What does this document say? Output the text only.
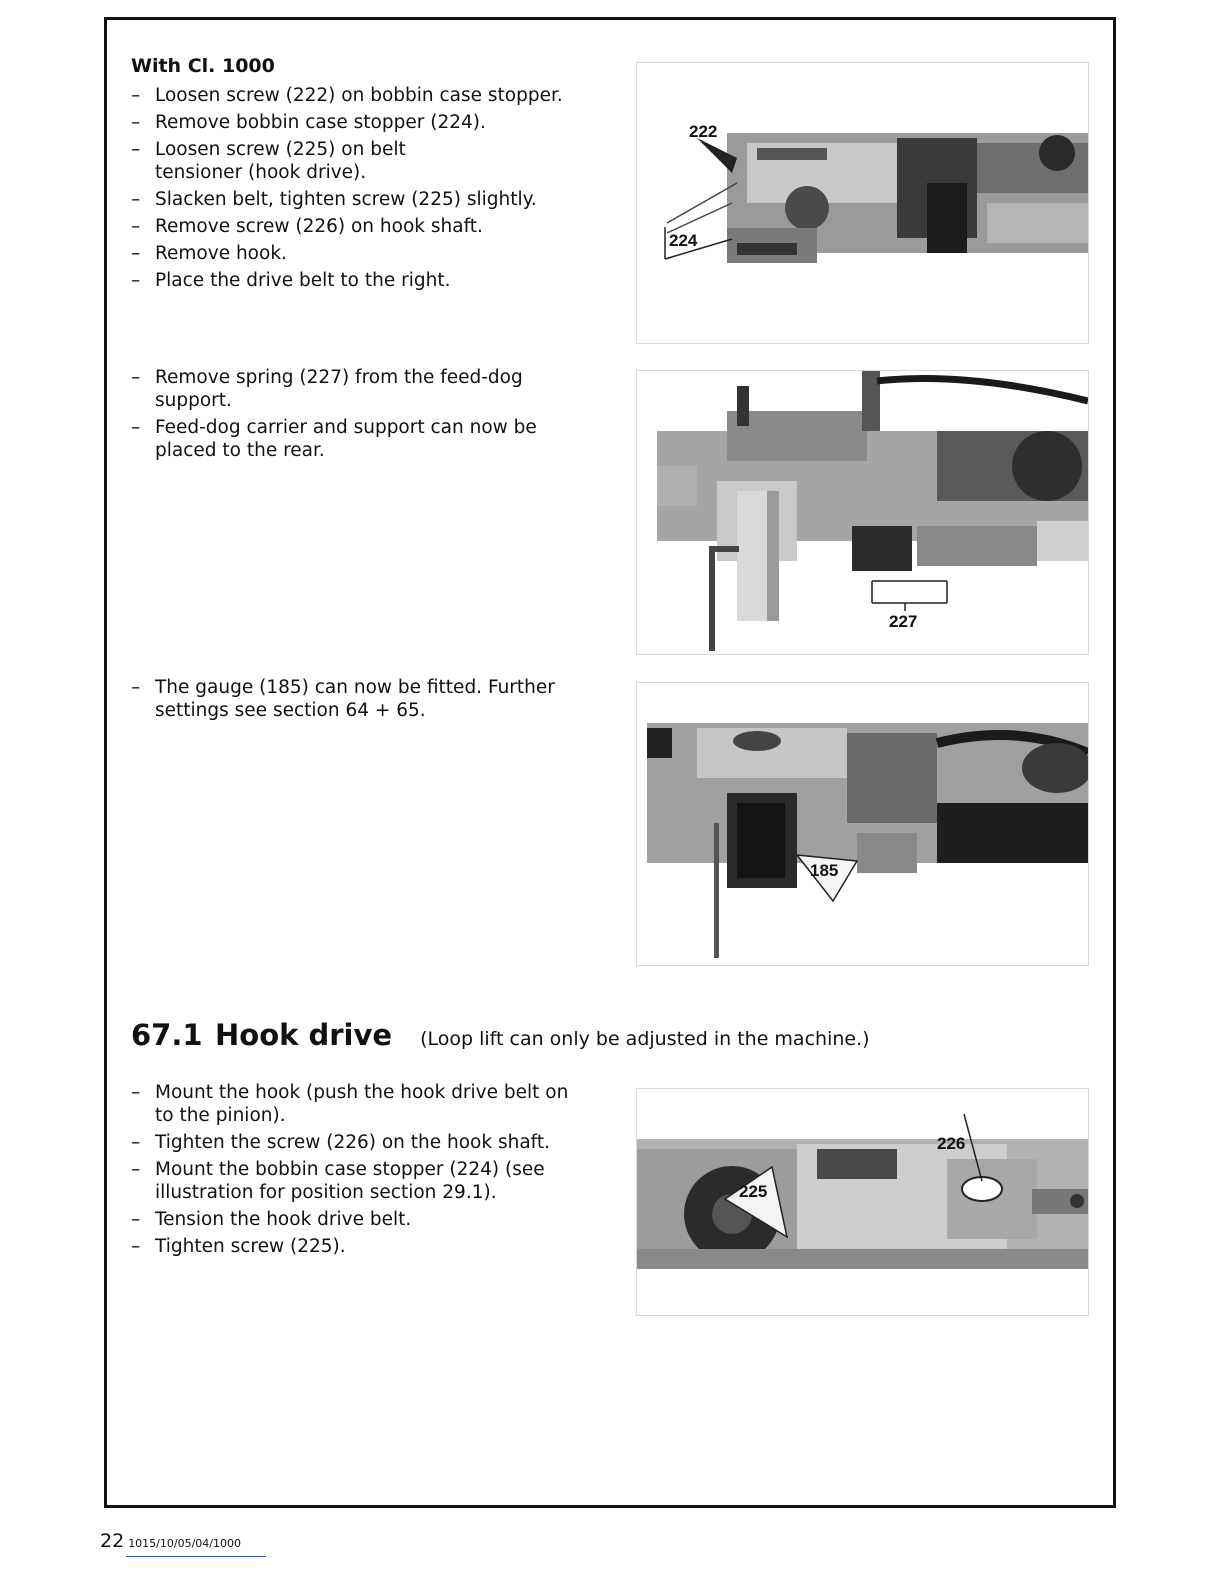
With Cl. 1000
– Loosen screw (222) on bobbin case stopper.
– Remove bobbin case stopper (224).
– Loosen screw (225) on belt tensioner (hook drive).
– Slacken belt, tighten screw (225) slightly.
– Remove screw (226) on hook shaft.
– Remove hook.
– Place the drive belt to the right.
222
224
– Remove spring (227) from the feed-dog support.
– Feed-dog carrier and support can now be placed to the rear.
227
– The gauge (185) can now be fitted. Further settings see section 64 + 65.
185
67.1 Hook drive (Loop lift can only be adjusted in the machine.)
– Mount the hook (push the hook drive belt on to the pinion).
– Tighten the screw (226) on the hook shaft.
– Mount the bobbin case stopper (224) (see illustration for position section 29.1).
– Tension the hook drive belt.
– Tighten screw (225).
226
225
22 1015/10/05/04/1000
